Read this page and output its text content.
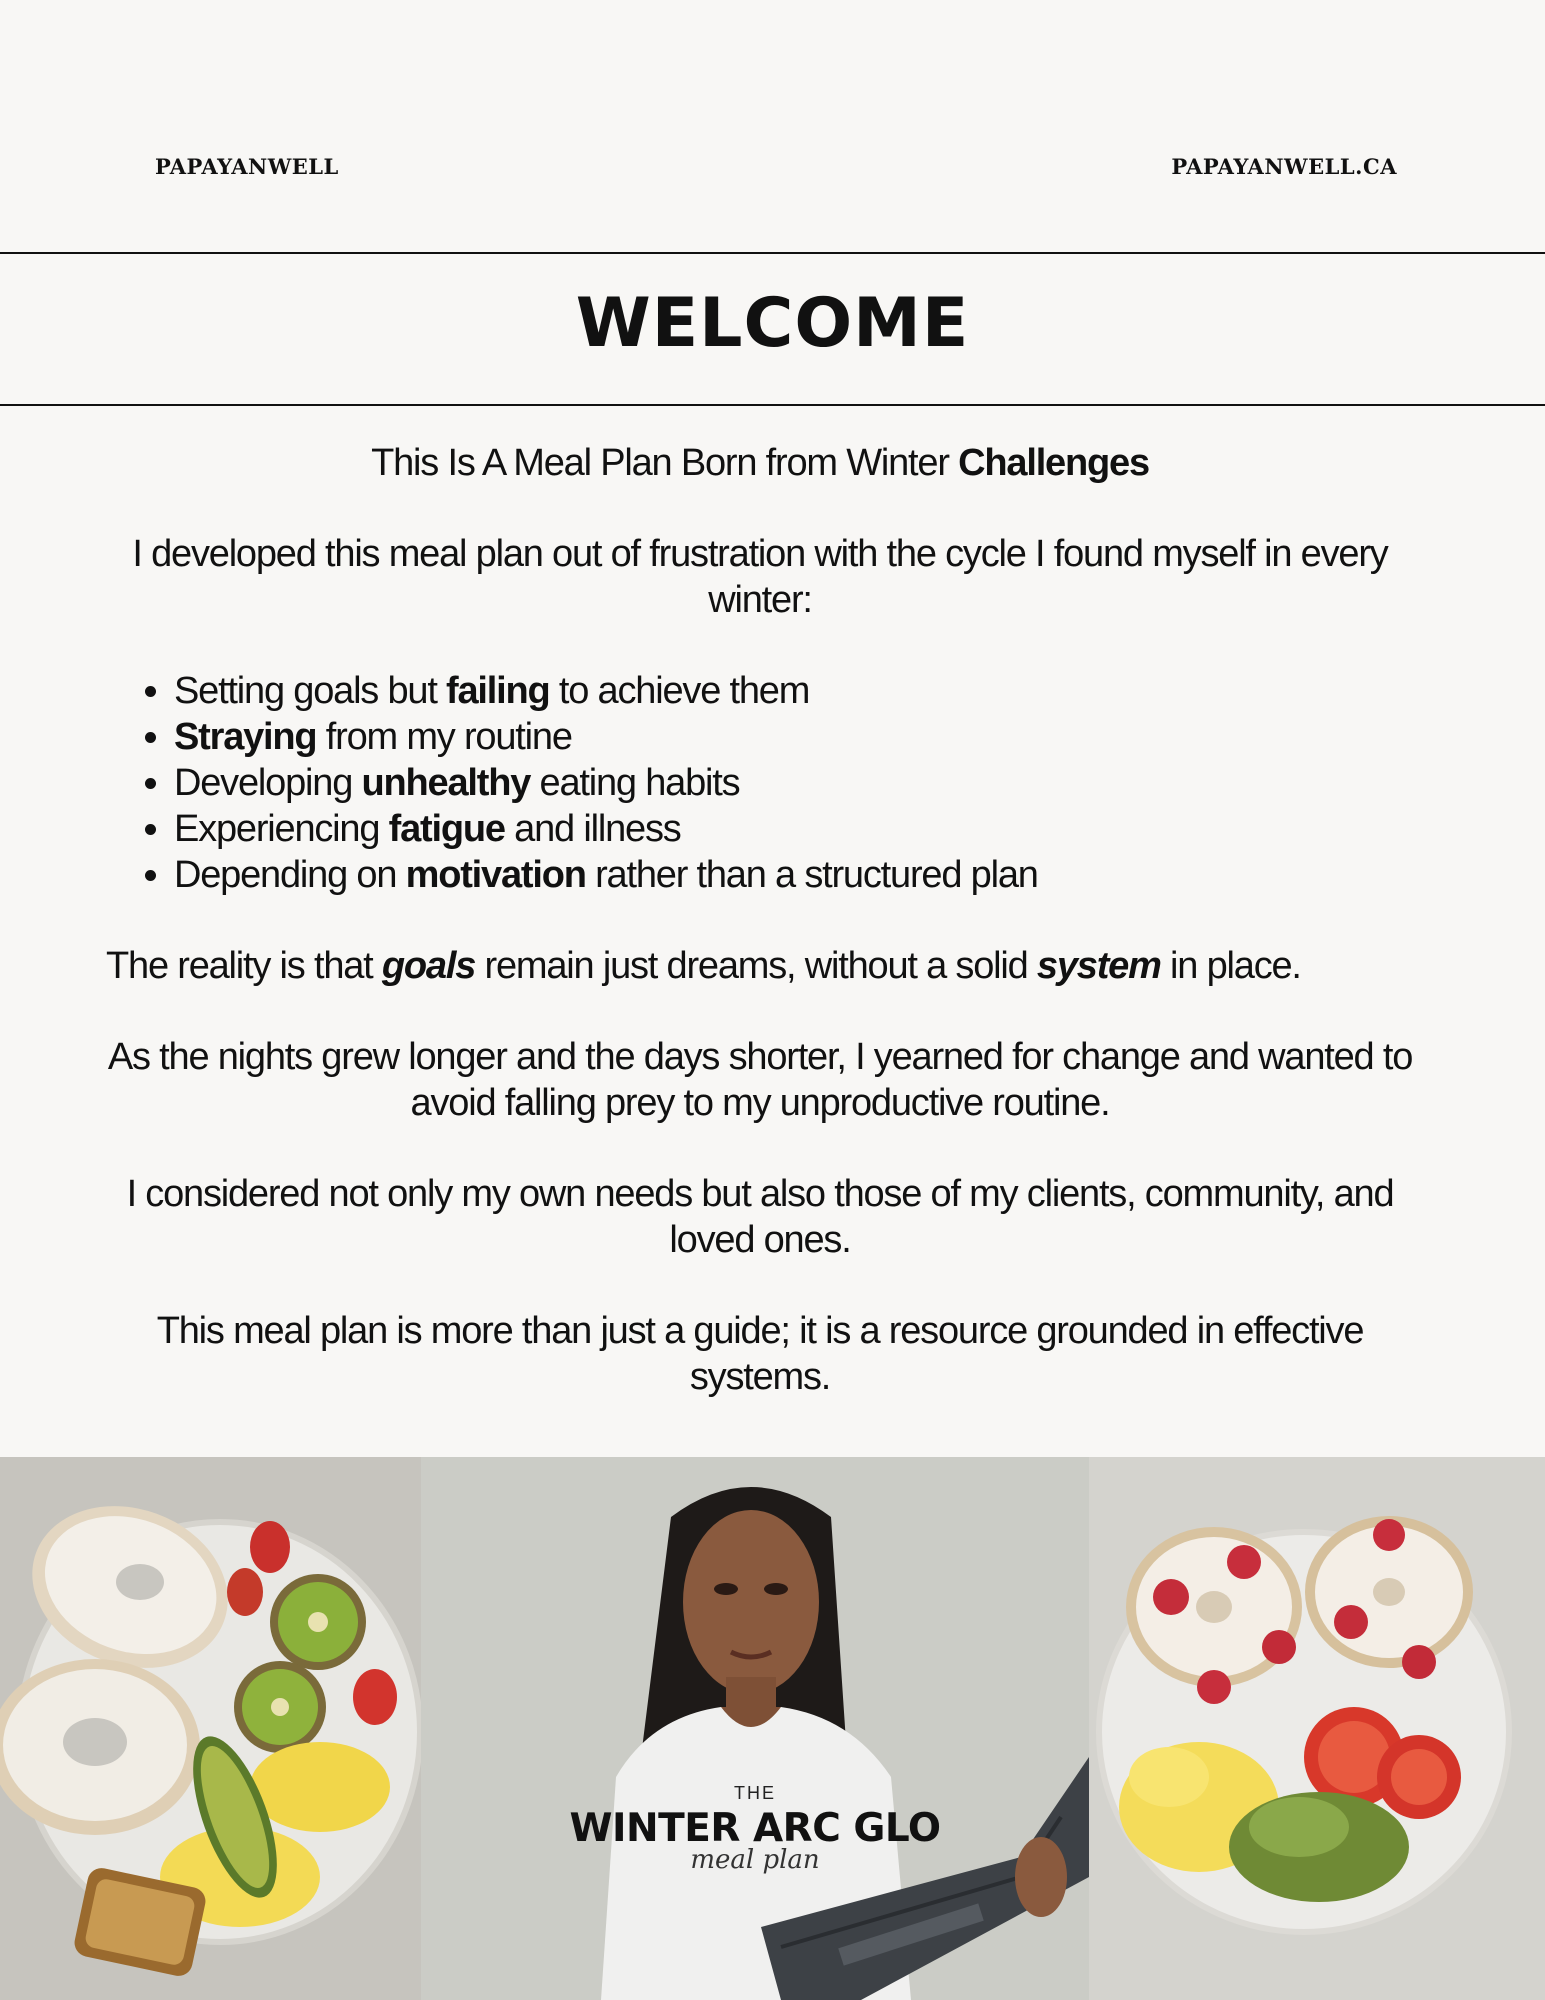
PAPAYANWELL	PAPAYANWELL.CA
WELCOME

This Is A Meal Plan Born from Winter Challenges

I developed this meal plan out of frustration with the cycle I found myself in every winter:

• Setting goals but failing to achieve them
• Straying from my routine
• Developing unhealthy eating habits
• Experiencing fatigue and illness
• Depending on motivation rather than a structured plan

The reality is that goals remain just dreams, without a solid system in place.

As the nights grew longer and the days shorter, I yearned for change and wanted to avoid falling prey to my unproductive routine.

I considered not only my own needs but also those of my clients, community, and loved ones.

This meal plan is more than just a guide; it is a resource grounded in effective systems.

THE
WINTER ARC GLO
meal plan
